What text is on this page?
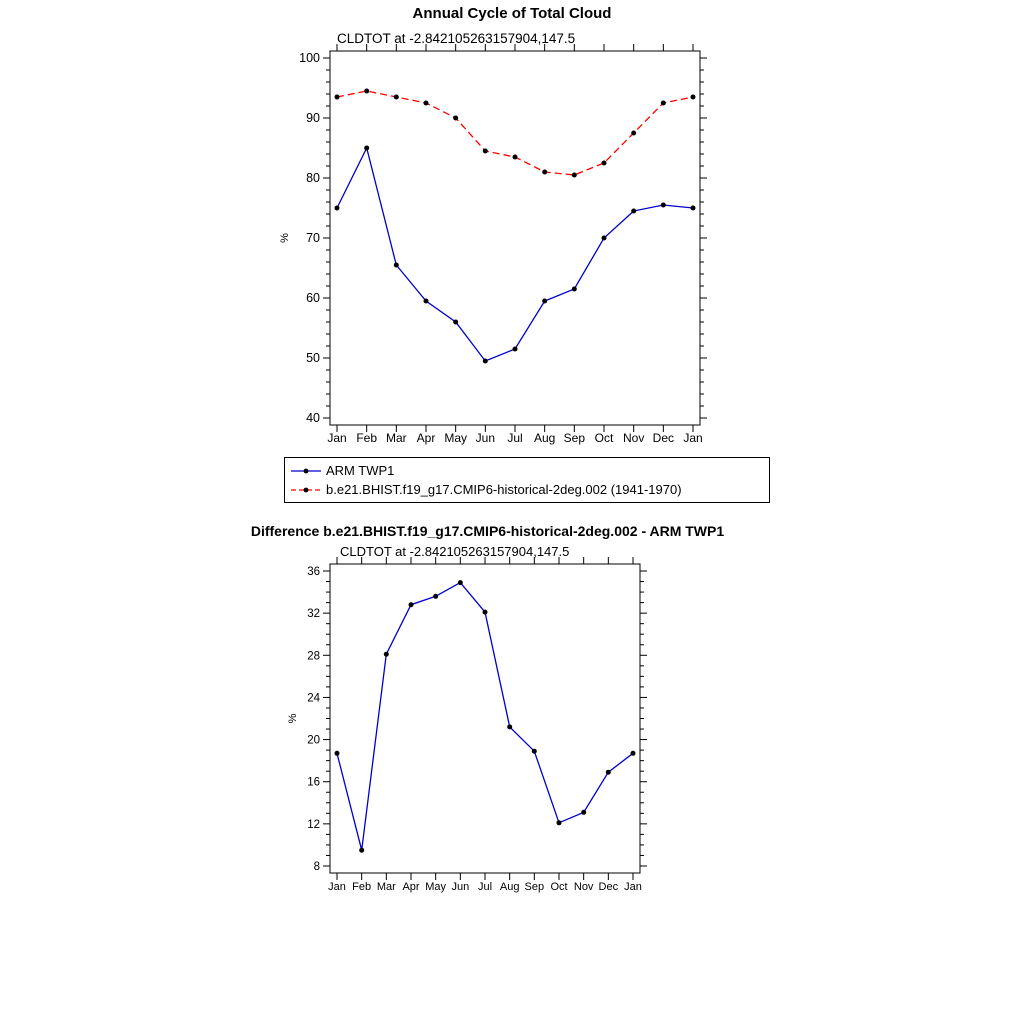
Annual Cycle of Total Cloud
CLDTOT at -2.842105263157904,147.5
Difference b.e21.BHIST.f19_g17.CMIP6-historical-2deg.002 - ARM TWP1
CLDTOT at -2.842105263157904,147.5
40
50
60
70
80
90
100
Jan Feb Mar Apr May Jun Jul Aug Sep Oct Nov Dec Jan
%
8
12
16
20
24
28
32
36
Jan Feb Mar Apr May Jun Jul Aug Sep Oct Nov Dec Jan
%
ARM TWP1
b.e21.BHIST.f19_g17.CMIP6-historical-2deg.002 (1941-1970)
